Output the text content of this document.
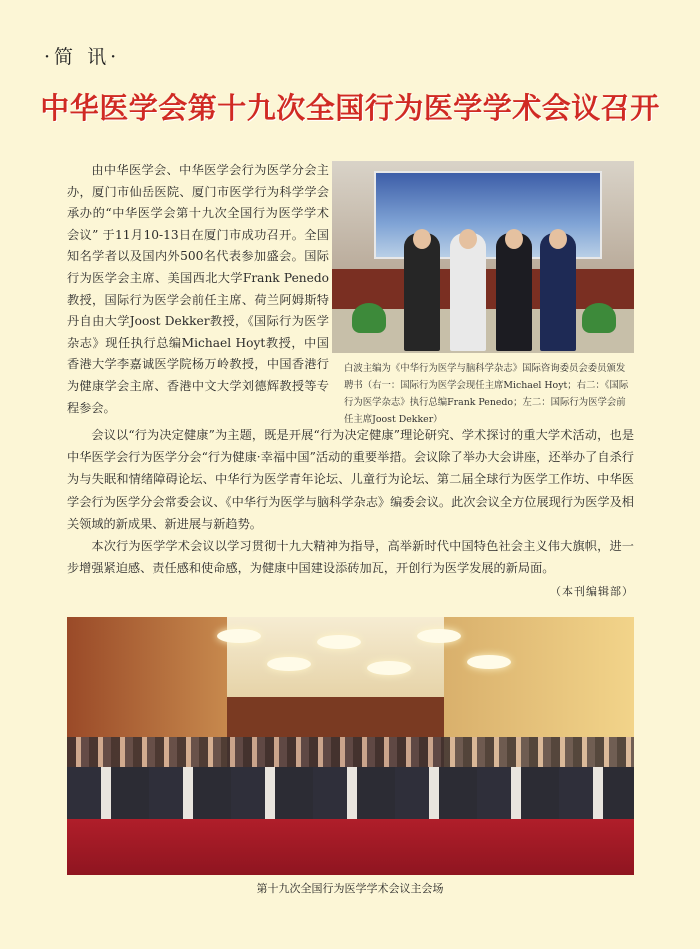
·简 讯·
中华医学会第十九次全国行为医学学术会议召开

由中华医学会、中华医学会行为医学分会主办，厦门市仙岳医院、厦门市医学行为科学学会承办的“中华医学会第十九次全国行为医学学术会议” 于11月10-13日在厦门市成功召开。全国知名学者以及国内外500名代表参加盛会。国际行为医学会主席、美国西北大学Frank Penedo教授，国际行为医学会前任主席、荷兰阿姆斯特丹自由大学Joost Dekker教授，《国际行为医学杂志》现任执行总编Michael Hoyt教授，中国香港大学李嘉诚医学院杨万岭教授，中国香港行为健康学会主席、香港中文大学刘德辉教授等专程参会。

白波主编为《中华行为医学与脑科学杂志》国际咨询委员会委员颁发聘书（右一：国际行为医学会现任主席Michael Hoyt；右二：《国际行为医学杂志》执行总编Frank Penedo；左二：国际行为医学会前任主席Joost Dekker）

会议以“行为决定健康”为主题，既是开展“行为决定健康”理论研究、学术探讨的重大学术活动，也是中华医学会行为医学分会“行为健康·幸福中国”活动的重要举措。会议除了举办大会讲座，还举办了自杀行为与失眠和情绪障碍论坛、中华行为医学青年论坛、儿童行为论坛、第二届全球行为医学工作坊、中华医学会行为医学分会常委会议、《中华行为医学与脑科学杂志》编委会议。此次会议全方位展现行为医学及相关领域的新成果、新进展与新趋势。

本次行为医学学术会议以学习贯彻十九大精神为指导，高举新时代中国特色社会主义伟大旗帜，进一步增强紧迫感、责任感和使命感，为健康中国建设添砖加瓦，开创行为医学发展的新局面。

（本刊编辑部）
第十九次全国行为医学学术会议主会场
